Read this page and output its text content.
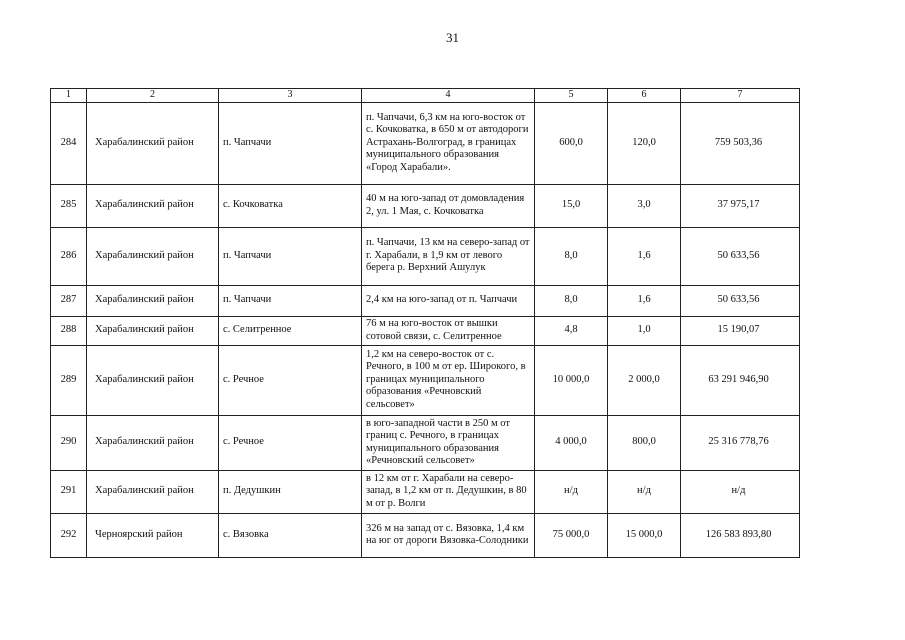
31
1	2	3	4	5	6	7
284	Харабалинский район	п. Чапчачи	п. Чапчачи, 6,3 км на юго-восток от с. Кочковатка, в 650 м от автодороги Астрахань-Волгоград, в границах муниципального образования «Город Харабали».	600,0	120,0	759 503,36
285	Харабалинский район	с. Кочковатка	40 м на юго-запад от домовладения 2, ул. 1 Мая, с. Кочковатка	15,0	3,0	37 975,17
286	Харабалинский район	п. Чапчачи	п. Чапчачи, 13 км на северо-запад от г. Харабали, в 1,9 км от левого берега р. Верхний Ашулук	8,0	1,6	50 633,56
287	Харабалинский район	п. Чапчачи	2,4 км на юго-запад от п. Чапчачи	8,0	1,6	50 633,56
288	Харабалинский район	с. Селитренное	76 м на юго-восток от вышки сотовой связи, с. Селитренное	4,8	1,0	15 190,07
289	Харабалинский район	с. Речное	1,2 км на северо-восток от с. Речного, в 100 м от ер. Широкого, в границах муниципального образования «Речновский сельсовет»	10 000,0	2 000,0	63 291 946,90
290	Харабалинский район	с. Речное	в юго-западной части в 250 м от границ с. Речного, в границах муниципального образования «Речновский сельсовет»	4 000,0	800,0	25 316 778,76
291	Харабалинский район	п. Дедушкин	в 12 км от г. Харабали на северо-запад, в 1,2 км от п. Дедушкин, в 80 м от р. Волги	н/д	н/д	н/д
292	Черноярский район	с. Вязовка	326 м на запад от с. Вязовка, 1,4 км на юг от дороги Вязовка-Солодники	75 000,0	15 000,0	126 583 893,80
